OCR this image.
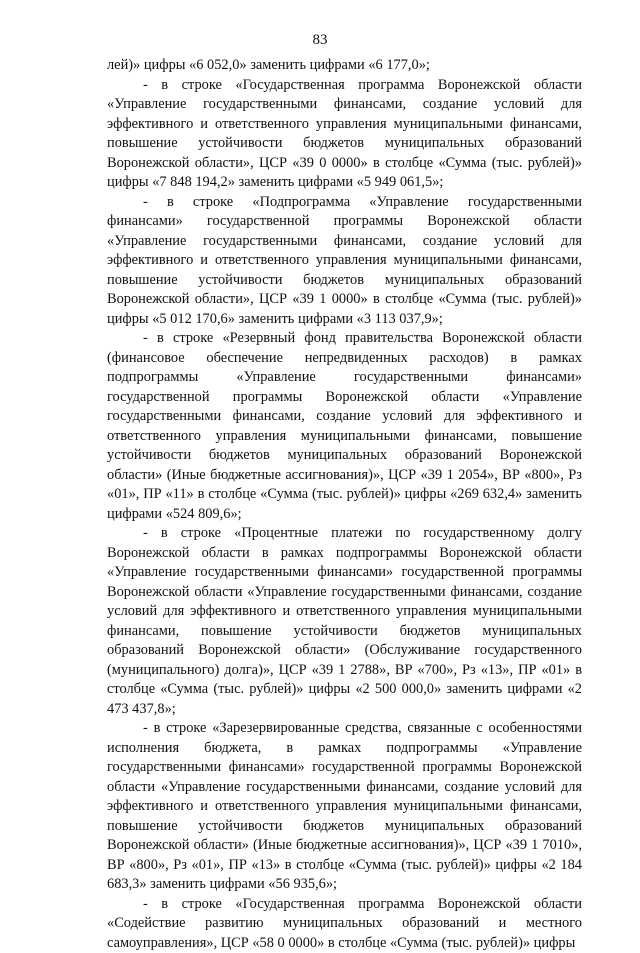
83

лей)» цифры «6 052,0» заменить цифрами «6 177,0»;

- в строке «Государственная программа Воронежской области «Управление государственными финансами, создание условий для эффективного и ответственного управления муниципальными финансами, повышение устойчивости бюджетов муниципальных образований Воронежской области», ЦСР «39 0 0000» в столбце «Сумма (тыс. рублей)» цифры «7 848 194,2» заменить цифрами «5 949 061,5»;

- в строке «Подпрограмма «Управление государственными финансами» государственной программы Воронежской области «Управление государственными финансами, создание условий для эффективного и ответственного управления муниципальными финансами, повышение устойчивости бюджетов муниципальных образований Воронежской области», ЦСР «39 1 0000» в столбце «Сумма (тыс. рублей)» цифры «5 012 170,6» заменить цифрами «3 113 037,9»;

- в строке «Резервный фонд правительства Воронежской области (финансовое обеспечение непредвиденных расходов) в рамках подпрограммы «Управление государственными финансами» государственной программы Воронежской области «Управление государственными финансами, создание условий для эффективного и ответственного управления муниципальными финансами, повышение устойчивости бюджетов муниципальных образований Воронежской области» (Иные бюджетные ассигнования)», ЦСР «39 1 2054», ВР «800», Рз «01», ПР «11» в столбце «Сумма (тыс. рублей)» цифры «269 632,4» заменить цифрами «524 809,6»;

- в строке «Процентные платежи по государственному долгу Воронежской области в рамках подпрограммы Воронежской области «Управление государственными финансами» государственной программы Воронежской области «Управление государственными финансами, создание условий для эффективного и ответственного управления муниципальными финансами, повышение устойчивости бюджетов муниципальных образований Воронежской области» (Обслуживание государственного (муниципального) долга)», ЦСР «39 1 2788», ВР «700», Рз «13», ПР «01» в столбце «Сумма (тыс. рублей)» цифры «2 500 000,0» заменить цифрами «2 473 437,8»;

- в строке «Зарезервированные средства, связанные с особенностями исполнения бюджета, в рамках подпрограммы «Управление государственными финансами» государственной программы Воронежской области «Управление государственными финансами, создание условий для эффективного и ответственного управления муниципальными финансами, повышение устойчивости бюджетов муниципальных образований Воронежской области» (Иные бюджетные ассигнования)», ЦСР «39 1 7010», ВР «800», Рз «01», ПР «13» в столбце «Сумма (тыс. рублей)» цифры «2 184 683,3» заменить цифрами «56 935,6»;

- в строке «Государственная программа Воронежской области «Содействие развитию муниципальных образований и местного самоуправления», ЦСР «58 0 0000» в столбце «Сумма (тыс. рублей)» цифры
